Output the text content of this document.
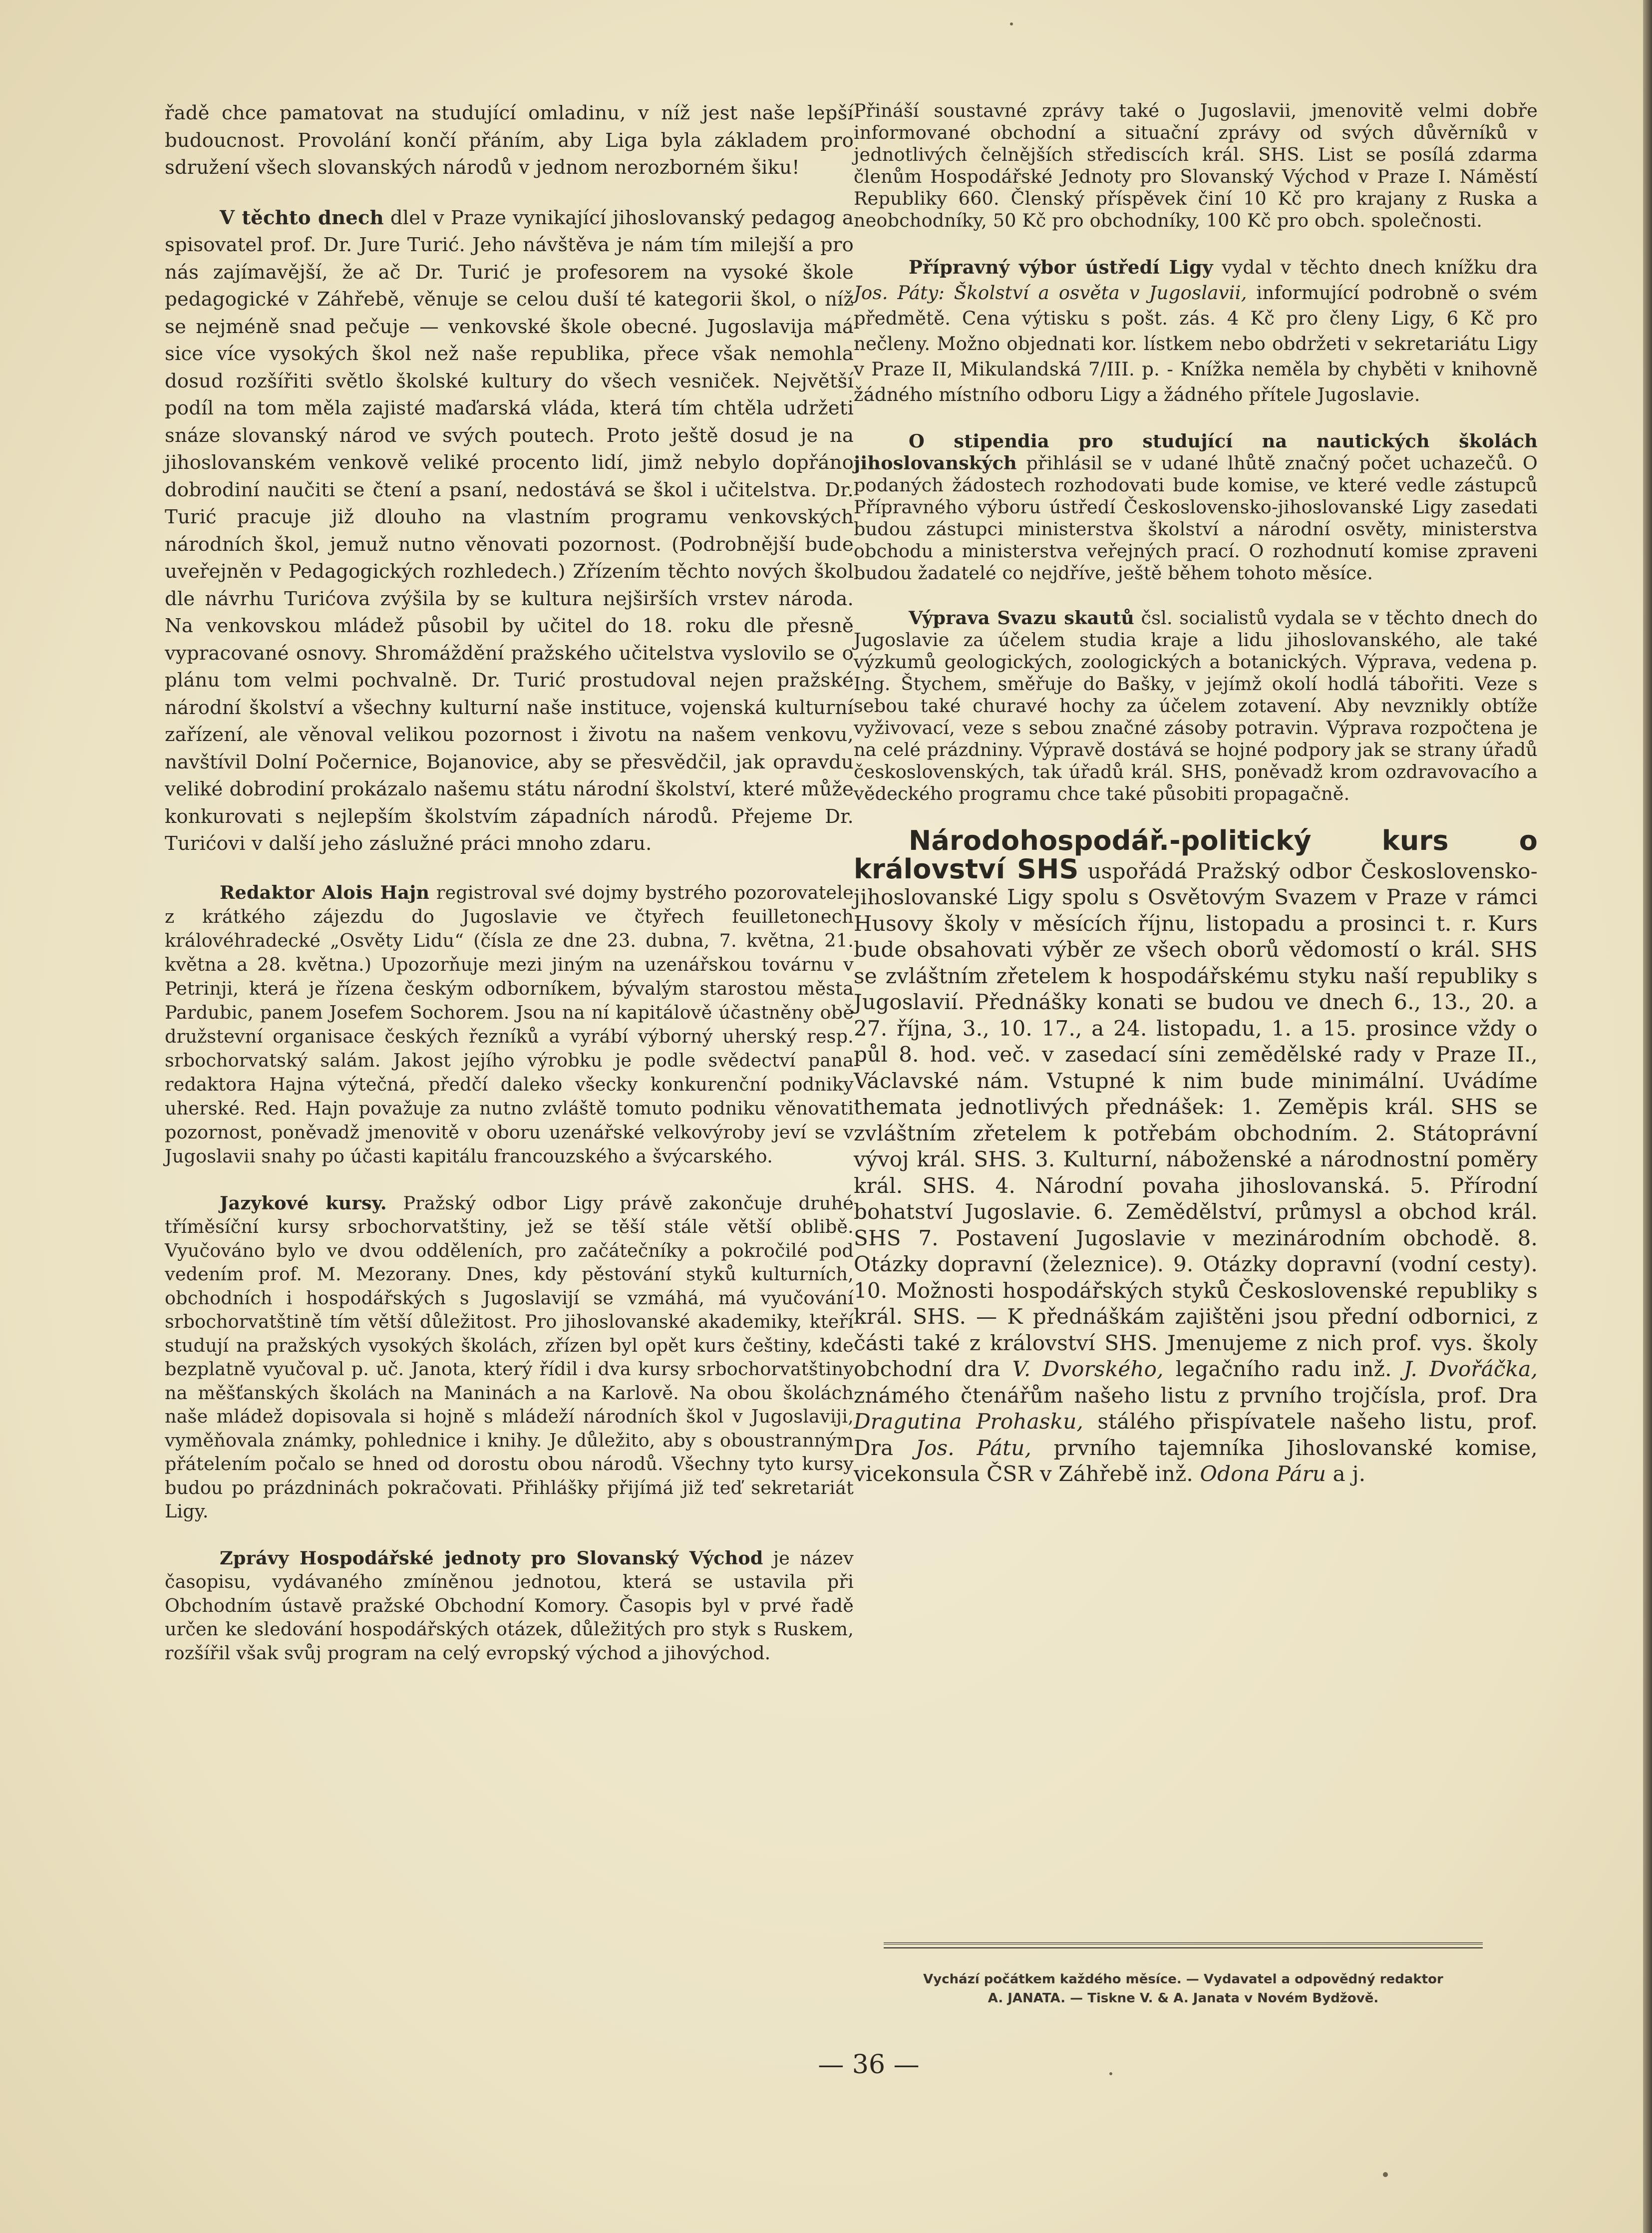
řadě chce pamatovat na studující omladinu, v níž jest naše lepší budoucnost. Provolání končí přáním, aby Liga byla základem pro sdružení všech slovanských národů v jednom nerozborném šiku!

V těchto dnech dlel v Praze vynikající jihoslovanský pedagog a spisovatel prof. Dr. Jure Turić. Jeho návštěva je nám tím milejší a pro nás zajímavější, že ač Dr. Turić je profesorem na vysoké škole pedagogické v Záhřebě, věnuje se celou duší té kategorii škol, o níž se nejméně snad pečuje — venkovské škole obecné. Jugoslavija má sice více vysokých škol než naše republika, přece však nemohla dosud rozšířiti světlo školské kultury do všech vesniček. Největší podíl na tom měla zajisté maďarská vláda, která tím chtěla udržeti snáze slovanský národ ve svých poutech. Proto ještě dosud je na jihoslovanském venkově veliké procento lidí, jimž nebylo dopřáno dobrodiní naučiti se čtení a psaní, nedostává se škol i učitelstva. Dr. Turić pracuje již dlouho na vlastním programu venkovských národních škol, jemuž nutno věnovati pozornost. (Podrobnější bude uveřejněn v Pedagogických rozhledech.) Zřízením těchto nových škol dle návrhu Turićova zvýšila by se kultura nejširších vrstev národa. Na venkovskou mládež působil by učitel do 18. roku dle přesně vypracované osnovy. Shromáždění pražského učitelstva vyslovilo se o plánu tom velmi pochvalně. Dr. Turić prostudoval nejen pražské národní školství a všechny kulturní naše instituce, vojenská kulturní zařízení, ale věnoval velikou pozornost i životu na našem venkovu, navštívil Dolní Počernice, Bojanovice, aby se přesvědčil, jak opravdu veliké dobrodiní prokázalo našemu státu národní školství, které může konkurovati s nejlepším školstvím západních národů. Přejeme Dr. Turićovi v další jeho záslužné práci mnoho zdaru.

Redaktor Alois Hajn registroval své dojmy bystrého pozorovatele z krátkého zájezdu do Jugoslavie ve čtyřech feuilletonech královéhradecké „Osvěty Lidu“ (čísla ze dne 23. dubna, 7. května, 21. května a 28. května.) Upozorňuje mezi jiným na uzenářskou továrnu v Petrinji, která je řízena českým odborníkem, bývalým starostou města Pardubic, panem Josefem Sochorem. Jsou na ní kapitálově účastněny obě družstevní organisace českých řezníků a vyrábí výborný uherský resp. srbochorvatský salám. Jakost jejího výrobku je podle svědectví pana redaktora Hajna výtečná, předčí daleko všecky konkurenční podniky uherské. Red. Hajn považuje za nutno zvláště tomuto podniku věnovati pozornost, poněvadž jmenovitě v oboru uzenářské velkovýroby jeví se v Jugoslavii snahy po účasti kapitálu francouzského a švýcarského.

Jazykové kursy. Pražský odbor Ligy právě zakončuje druhé tříměsíční kursy srbochorvatštiny, jež se těší stále větší oblibě. Vyučováno bylo ve dvou odděleních, pro začátečníky a pokročilé pod vedením prof. M. Mezorany. Dnes, kdy pěstování styků kulturních, obchodních i hospodářských s Jugoslavijí se vzmáhá, má vyučování srbochorvatštině tím větší důležitost. Pro jihoslovanské akademiky, kteří studují na pražských vysokých školách, zřízen byl opět kurs češtiny, kde bezplatně vyučoval p. uč. Janota, který řídil i dva kursy srbochorvatštiny na měšťanských školách na Maninách a na Karlově. Na obou školách naše mládež dopisovala si hojně s mládeží národních škol v Jugoslaviji, vyměňovala známky, pohlednice i knihy. Je důležito, aby s oboustranným přátelením počalo se hned od dorostu obou národů. Všechny tyto kursy budou po prázdninách pokračovati. Přihlášky přijímá již teď sekretariát Ligy.

Zprávy Hospodářské jednoty pro Slovanský Východ je název časopisu, vydávaného zmíněnou jednotou, která se ustavila při Obchodním ústavě pražské Obchodní Komory. Časopis byl v prvé řadě určen ke sledování hospodářských otázek, důležitých pro styk s Ruskem, rozšířil však svůj program na celý evropský východ a jihovýchod.

Přináší soustavné zprávy také o Jugoslavii, jmenovitě velmi dobře informované obchodní a situační zprávy od svých důvěrníků v jednotlivých čelnějších střediscích král. SHS. List se posílá zdarma členům Hospodářské Jednoty pro Slovanský Východ v Praze I. Náměstí Republiky 660. Členský příspěvek činí 10 Kč pro krajany z Ruska a neobchodníky, 50 Kč pro obchodníky, 100 Kč pro obch. společnosti.

Přípravný výbor ústředí Ligy vydal v těchto dnech knížku dra Jos. Páty: Školství a osvěta v Jugoslavii, informující podrobně o svém předmětě. Cena výtisku s pošt. zás. 4 Kč pro členy Ligy, 6 Kč pro nečleny. Možno objednati kor. lístkem nebo obdržeti v sekretariátu Ligy v Praze II, Mikulandská 7/III. p. - Knížka neměla by chyběti v knihovně žádného místního odboru Ligy a žádného přítele Jugoslavie.

O stipendia pro studující na nautických školách jihoslovanských přihlásil se v udané lhůtě značný počet uchazečů. O podaných žádostech rozhodovati bude komise, ve které vedle zástupců Přípravného výboru ústředí Československo-jihoslovanské Ligy zasedati budou zástupci ministerstva školství a národní osvěty, ministerstva obchodu a ministerstva veřejných prací. O rozhodnutí komise zpraveni budou žadatelé co nejdříve, ještě během tohoto měsíce.

Výprava Svazu skautů čsl. socialistů vydala se v těchto dnech do Jugoslavie za účelem studia kraje a lidu jihoslovanského, ale také výzkumů geologických, zoologických a botanických. Výprava, vedena p. Ing. Štychem, směřuje do Bašky, v jejímž okolí hodlá tábořiti. Veze s sebou také churavé hochy za účelem zotavení. Aby nevznikly obtíže vyživovací, veze s sebou značné zásoby potravin. Výprava rozpočtena je na celé prázdniny. Výpravě dostává se hojné podpory jak se strany úřadů československých, tak úřadů král. SHS, poněvadž krom ozdravovacího a vědeckého programu chce také působiti propagačně.

Národohospodář.-politický kurs o království SHS uspořádá Pražský odbor Československo-jihoslovanské Ligy spolu s Osvětovým Svazem v Praze v rámci Husovy školy v měsících říjnu, listopadu a prosinci t. r. Kurs bude obsahovati výběr ze všech oborů vědomostí o král. SHS se zvláštním zřetelem k hospodářskému styku naší republiky s Jugoslavií. Přednášky konati se budou ve dnech 6., 13., 20. a 27. října, 3., 10. 17., a 24. listopadu, 1. a 15. prosince vždy o půl 8. hod. več. v zasedací síni zemědělské rady v Praze II., Václavské nám. Vstupné k nim bude minimální. Uvádíme themata jednotlivých přednášek: 1. Zeměpis král. SHS se zvláštním zřetelem k potřebám obchodním. 2. Státoprávní vývoj král. SHS. 3. Kulturní, náboženské a národnostní poměry král. SHS. 4. Národní povaha jihoslovanská. 5. Přírodní bohatství Jugoslavie. 6. Zemědělství, průmysl a obchod král. SHS 7. Postavení Jugoslavie v mezinárodním obchodě. 8. Otázky dopravní (železnice). 9. Otázky dopravní (vodní cesty). 10. Možnosti hospodářských styků Československé republiky s král. SHS. — K přednáškám zajištěni jsou přední odbornici, z části také z království SHS. Jmenujeme z nich prof. vys. školy obchodní dra V. Dvorského, legačního radu inž. J. Dvořáčka, známého čtenářům našeho listu z prvního trojčísla, prof. Dra Dragutina Prohasku, stálého přispívatele našeho listu, prof. Dra Jos. Pátu, prvního tajemníka Jihoslovanské komise, vicekonsula ČSR v Záhřebě inž. Odona Páru a j.

Vychází počátkem každého měsíce. — Vydavatel a odpovědný redaktor
A. JANATA. — Tiskne V. & A. Janata v Novém Bydžově.
— 36 —
